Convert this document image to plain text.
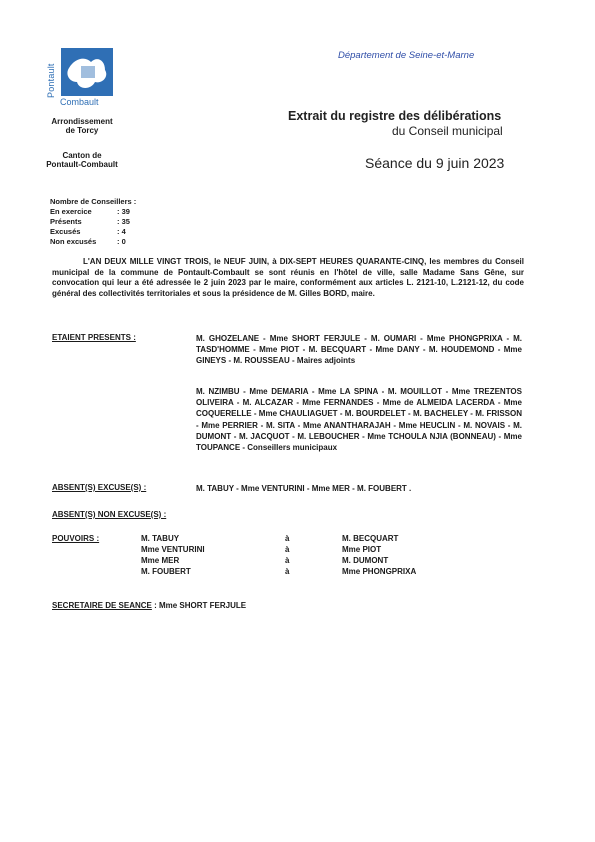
Pontault
Combault
Arrondissement
de Torcy
Canton de
Pontault-Combault
Département de Seine-et-Marne
Extrait du registre des délibérations
du Conseil municipal
Séance du 9 juin 2023
Nombre de Conseillers :
En exercice	: 39
Présents	: 35
Excusés	: 4
Non excusés	: 0
L'AN DEUX MILLE VINGT TROIS, le NEUF JUIN, à DIX-SEPT HEURES QUARANTE-CINQ, les membres du Conseil municipal de la commune de Pontault-Combault se sont réunis en l'hôtel de ville, salle Madame Sans Gêne, sur convocation qui leur a été adressée le 2 juin 2023 par le maire, conformément aux articles L. 2121-10, L.2121-12, du code général des collectivités territoriales et sous la présidence de M. Gilles BORD, maire.
ETAIENT PRESENTS :	M. GHOZELANE - Mme SHORT FERJULE - M. OUMARI - Mme PHONGPRIXA - M. TASD'HOMME - Mme PIOT - M. BECQUART - Mme DANY - M. HOUDEMOND - Mme GINEYS - M. ROUSSEAU - Maires adjoints
M. NZIMBU - Mme DEMARIA - Mme LA SPINA - M. MOUILLOT - Mme TREZENTOS OLIVEIRA - M. ALCAZAR - Mme FERNANDES - Mme de ALMEIDA LACERDA - Mme COQUERELLE - Mme CHAULIAGUET - M. BOURDELET - M. BACHELEY - M. FRISSON - Mme PERRIER - M. SITA - Mme ANANTHARAJAH - Mme HEUCLIN - M. NOVAIS - M. DUMONT - M. JACQUOT - M. LEBOUCHER - Mme TCHOULA NJIA (BONNEAU) - Mme TOUPANCE - Conseillers municipaux
ABSENT(S) EXCUSE(S) :	M. TABUY - Mme VENTURINI - Mme MER - M. FOUBERT .
ABSENT(S) NON EXCUSE(S) :
POUVOIRS :	M. TABUY	à	M. BECQUART
Mme VENTURINI	à	Mme PIOT
Mme MER	à	M. DUMONT
M. FOUBERT	à	Mme PHONGPRIXA
SECRETAIRE DE SEANCE : Mme SHORT FERJULE
